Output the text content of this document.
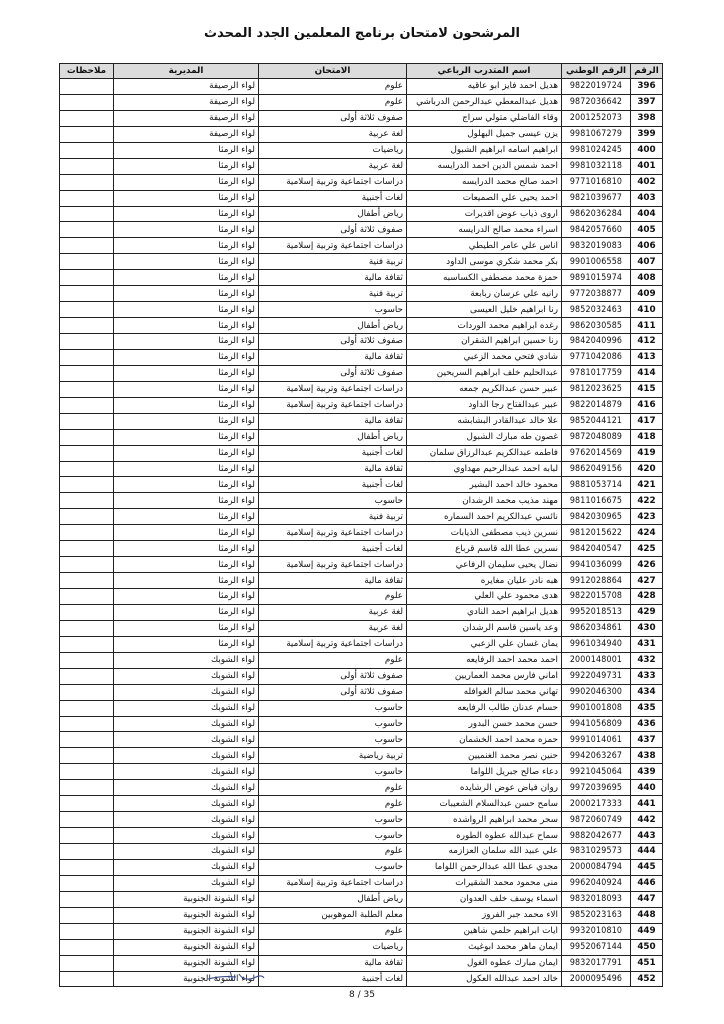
المرشحون لامتحان برنامج المعلمين الجدد المحدث
الرقم	الرقم الوطني	اسم المتدرب الرباعي	الامتحان	المديرية	ملاحظات
396	9822019724	هديل احمد فايز ابو عاقيه	علوم	لواء الرصيفة	
397	9872036642	هديل عبدالمعطي عبدالرحمن الدرباشي	علوم	لواء الرصيفة	
398	2001252073	وقاء الفاضلي متولي سراج	صفوف ثلاثة أولى	لواء الرصيفة	
399	9981067279	يزن عيسى جميل البهلول	لغة عربية	لواء الرصيفة	
400	9981024245	ابراهيم اسامه ابراهيم الشبول	رياضيات	لواء الرمثا	
401	9981032118	احمد شمس الدين احمد الدرايسه	لغة عربية	لواء الرمثا	
402	9771016810	احمد صالح محمد الدرايسه	دراسات اجتماعية وتربية إسلامية	لواء الرمثا	
403	9821039677	احمد يحيى علي الصميعات	لغات أجنبية	لواء الرمثا	
404	9862036284	اروى ذياب عوض اقديرات	رياض أطفال	لواء الرمثا	
405	9842057660	اسراء محمد صالح الدرايسه	صفوف ثلاثة أولى	لواء الرمثا	
406	9832019083	اناس علي عامر الطيطي	دراسات اجتماعية وتربية إسلامية	لواء الرمثا	
407	9901006558	بكر محمد شكري موسى الداود	تربية فنية	لواء الرمثا	
408	9891015974	حمزة محمد مصطفى الكساسبه	ثقافة مالية	لواء الرمثا	
409	9772038877	رانيه علي عرسان ربابعة	تربية فنية	لواء الرمثا	
410	9852032463	رنا ابراهيم خليل العيسى	حاسوب	لواء الرمثا	
411	9862030585	رغده ابراهيم محمد الوردات	رياض أطفال	لواء الرمثا	
412	9842040996	رنا حسين ابراهيم الشقران	صفوف ثلاثة أولى	لواء الرمثا	
413	9771042086	شادي فتحي محمد الزعبي	ثقافة مالية	لواء الرمثا	
414	9781017759	عبدالحليم خلف ابراهيم السريحين	صفوف ثلاثة أولى	لواء الرمثا	
415	9812023625	عبير حسن عبدالكريم جمعه	دراسات اجتماعية وتربية إسلامية	لواء الرمثا	
416	9822014879	عبير عبدالفتاح رجا الداود	دراسات اجتماعية وتربية إسلامية	لواء الرمثا	
417	9852044121	علا خالد عبدالقادر البشابشه	ثقافة مالية	لواء الرمثا	
418	9872048089	غصون طه مبارك الشبول	رياض أطفال	لواء الرمثا	
419	9762014569	فاطمه عبدالكريم عبدالرزاق سلمان	لغات أجنبية	لواء الرمثا	
420	9862049156	لبابه احمد عبدالرحيم مهداوي	ثقافة مالية	لواء الرمثا	
421	9881053714	محمود خالد احمد البشير	لغات أجنبية	لواء الرمثا	
422	9811016675	مهند مذيب محمد الرشدان	حاسوب	لواء الرمثا	
423	9842030965	نائسي عبدالكريم احمد السماره	تربية فنية	لواء الرمثا	
424	9812015622	نسرين ذيب مصطفى الذيابات	دراسات اجتماعية وتربية إسلامية	لواء الرمثا	
425	9842040547	نسرين عطا الله قاسم قرباع	لغات أجنبية	لواء الرمثا	
426	9941036099	نضال يحيى سليمان الرفاعي	دراسات اجتماعية وتربية إسلامية	لواء الرمثا	
427	9912028864	هبه نادر عليان مغايره	ثقافة مالية	لواء الرمثا	
428	9822015708	هدى محمود علي العلي	علوم	لواء الرمثا	
429	9952018513	هديل ابراهيم احمد النادي	لغة عربية	لواء الرمثا	
430	9862034861	وعد ياسين قاسم الرشدان	لغة عربية	لواء الرمثا	
431	9961034940	يمان غسان علي الزعبي	دراسات اجتماعية وتربية إسلامية	لواء الرمثا	
432	2000148001	احمد محمد احمد الرفايعه	علوم	لواء الشوبك	
433	9922049731	اماني فارس محمد العماريين	صفوف ثلاثة أولى	لواء الشوبك	
434	9902046300	تهاني محمد سالم الغوافله	صفوف ثلاثة أولى	لواء الشوبك	
435	9901001808	حسام عدنان طالب الرفايعه	حاسوب	لواء الشوبك	
436	9941056809	حسن محمد حسن البدور	حاسوب	لواء الشوبك	
437	9991014061	حمزه محمد احمد الخشمان	حاسوب	لواء الشوبك	
438	9942063267	حنين نصر محمد الغنميين	تربية رياضية	لواء الشوبك	
439	9921045064	دعاء صالح جبريل اللواما	حاسوب	لواء الشوبك	
440	9972039695	روان فياض عوض الرشايده	علوم	لواء الشوبك	
441	2000217333	سامح حسن عبدالسلام الشعيبات	علوم	لواء الشوبك	
442	9872060749	سحر محمد ابراهيم الرواشده	حاسوب	لواء الشوبك	
443	9882042677	سماح عبدالله عطوه الطوره	حاسوب	لواء الشوبك	
444	9831029573	علي عبيد الله سلمان العزازمه	علوم	لواء الشوبك	
445	2000084794	مجدي عطا الله عبدالرحمن اللواما	حاسوب	لواء الشوبك	
446	9962040924	منى محمود محمد الشقيرات	دراسات اجتماعية وتربية إسلامية	لواء الشوبك	
447	9832018093	اسماء يوسف خلف العدوان	رياض أطفال	لواء الشونة الجنوبية	
448	9852023163	الاء محمد جبر الفروز	معلم الطلبة الموهوبين	لواء الشونة الجنوبية	
449	9932010810	ايات ابراهيم حلمي شاهين	علوم	لواء الشونة الجنوبية	
450	9952067144	ايمان ماهر محمد ابوغيث	رياضيات	لواء الشونة الجنوبية	
451	9832017791	ايمان مبارك عطوه الغول	ثقافة مالية	لواء الشونة الجنوبية	
452	2000095496	خالد احمد عبدالله العكول	لغات أجنبية	لواء الشونة الجنوبية	
8 / 35
